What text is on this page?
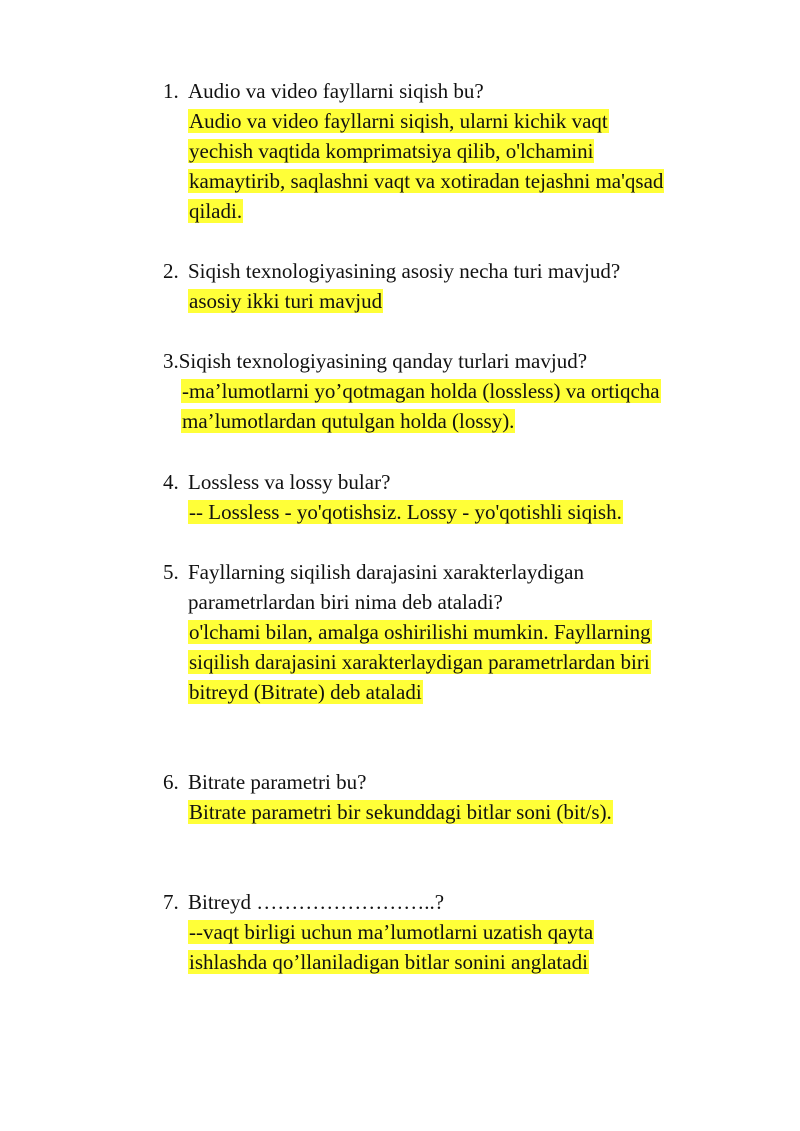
1. Audio va video fayllarni siqish bu?
Audio va video fayllarni siqish, ularni kichik vaqt
yechish vaqtida komprimatsiya qilib, o'lchamini
kamaytirib, saqlashni vaqt va xotiradan tejashni ma'qsad
qiladi.
2. Siqish texnologiyasining asosiy necha turi mavjud?
asosiy ikki turi mavjud
3.Siqish texnologiyasining qanday turlari mavjud?
-ma’lumotlarni yo’qotmagan holda (lossless) va ortiqcha
ma’lumotlardan qutulgan holda (lossy).
4. Lossless va lossy bular?
-- Lossless - yo'qotishsiz. Lossy - yo'qotishli siqish.
5. Fayllarning siqilish darajasini xarakterlaydigan
parametrlardan biri nima deb ataladi?
o'lchami bilan, amalga oshirilishi mumkin. Fayllarning
siqilish darajasini xarakterlaydigan parametrlardan biri
bitreyd (Bitrate) deb ataladi
6. Bitrate parametri bu?
Bitrate parametri bir sekunddagi bitlar soni (bit/s).
7. Bitreyd ……………………..?
--vaqt birligi uchun ma’lumotlarni uzatish qayta
ishlashda qo’llaniladigan bitlar sonini anglatadi
